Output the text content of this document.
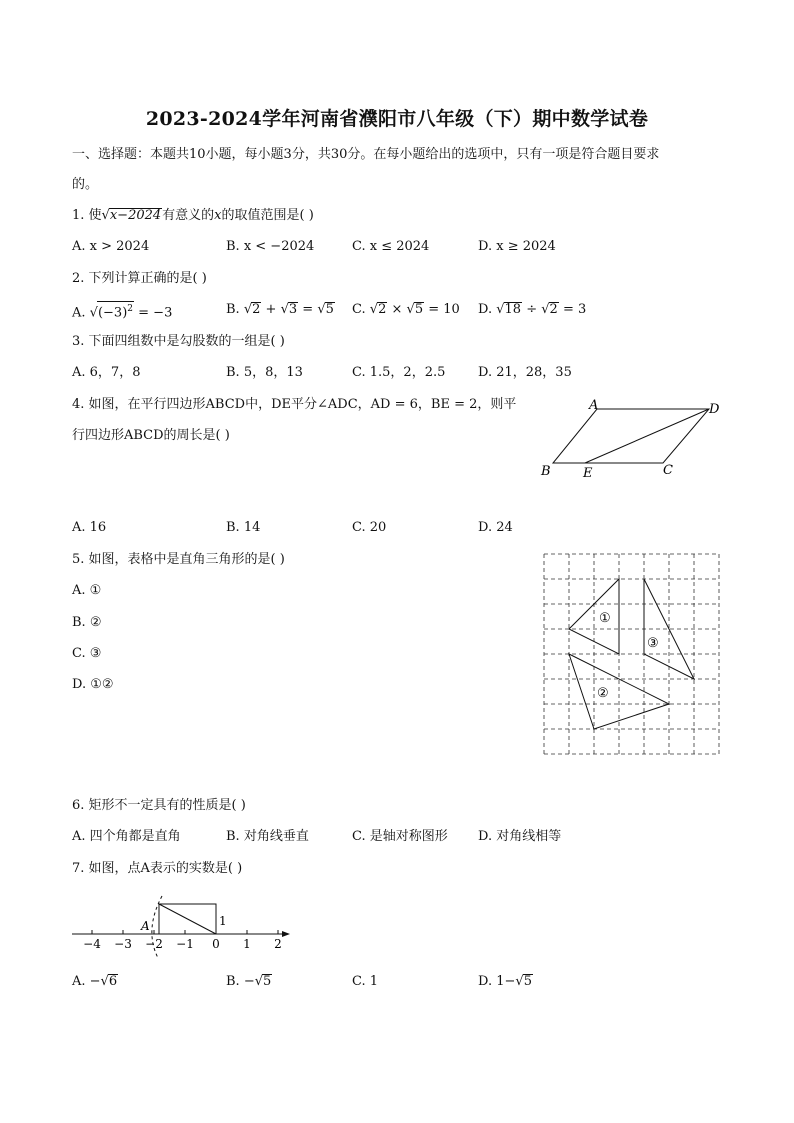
2023-2024学年河南省濮阳市八年级（下）期中数学试卷
一、选择题：本题共10小题，每小题3分，共30分。在每小题给出的选项中，只有一项是符合题目要求
的。
1. 使√x−2024有意义的x的取值范围是( )
A. x > 2024	B. x < −2024	C. x ≤ 2024	D. x ≥ 2024
2. 下列计算正确的是( )
A. $√(-3)^2 = -3$	B. √2 + √3 = √5 C. √2 × √5 = 10 D. √18 ÷ √2 = 3
3. 下面四组数中是勾股数的一组是( )
A. 6，7，8	B. 5，8，13	C. 1.5，2，2.5	D. 21，28，35
4. 如图，在平行四边形ABCD中，DE平分∠ADC，AD = 6，BE = 2，则平
行四边形ABCD的周长是( )
A	D
B E	C
A. 16	B. 14	C. 20	D. 24
5. 如图，表格中是直角三角形的是( )
A. ①
B. ②
C. ③
D. ①②
①
③
②
6. 矩形不一定具有的性质是( )
A. 四个角都是直角	B. 对角线垂直	C. 是轴对称图形 D. 对角线相等
7. 如图，点A表示的实数是( )
−4 −3 −2 −1 0 1 2
A	1
A. −√6	B. −√5	C. 1	D. 1−√5
